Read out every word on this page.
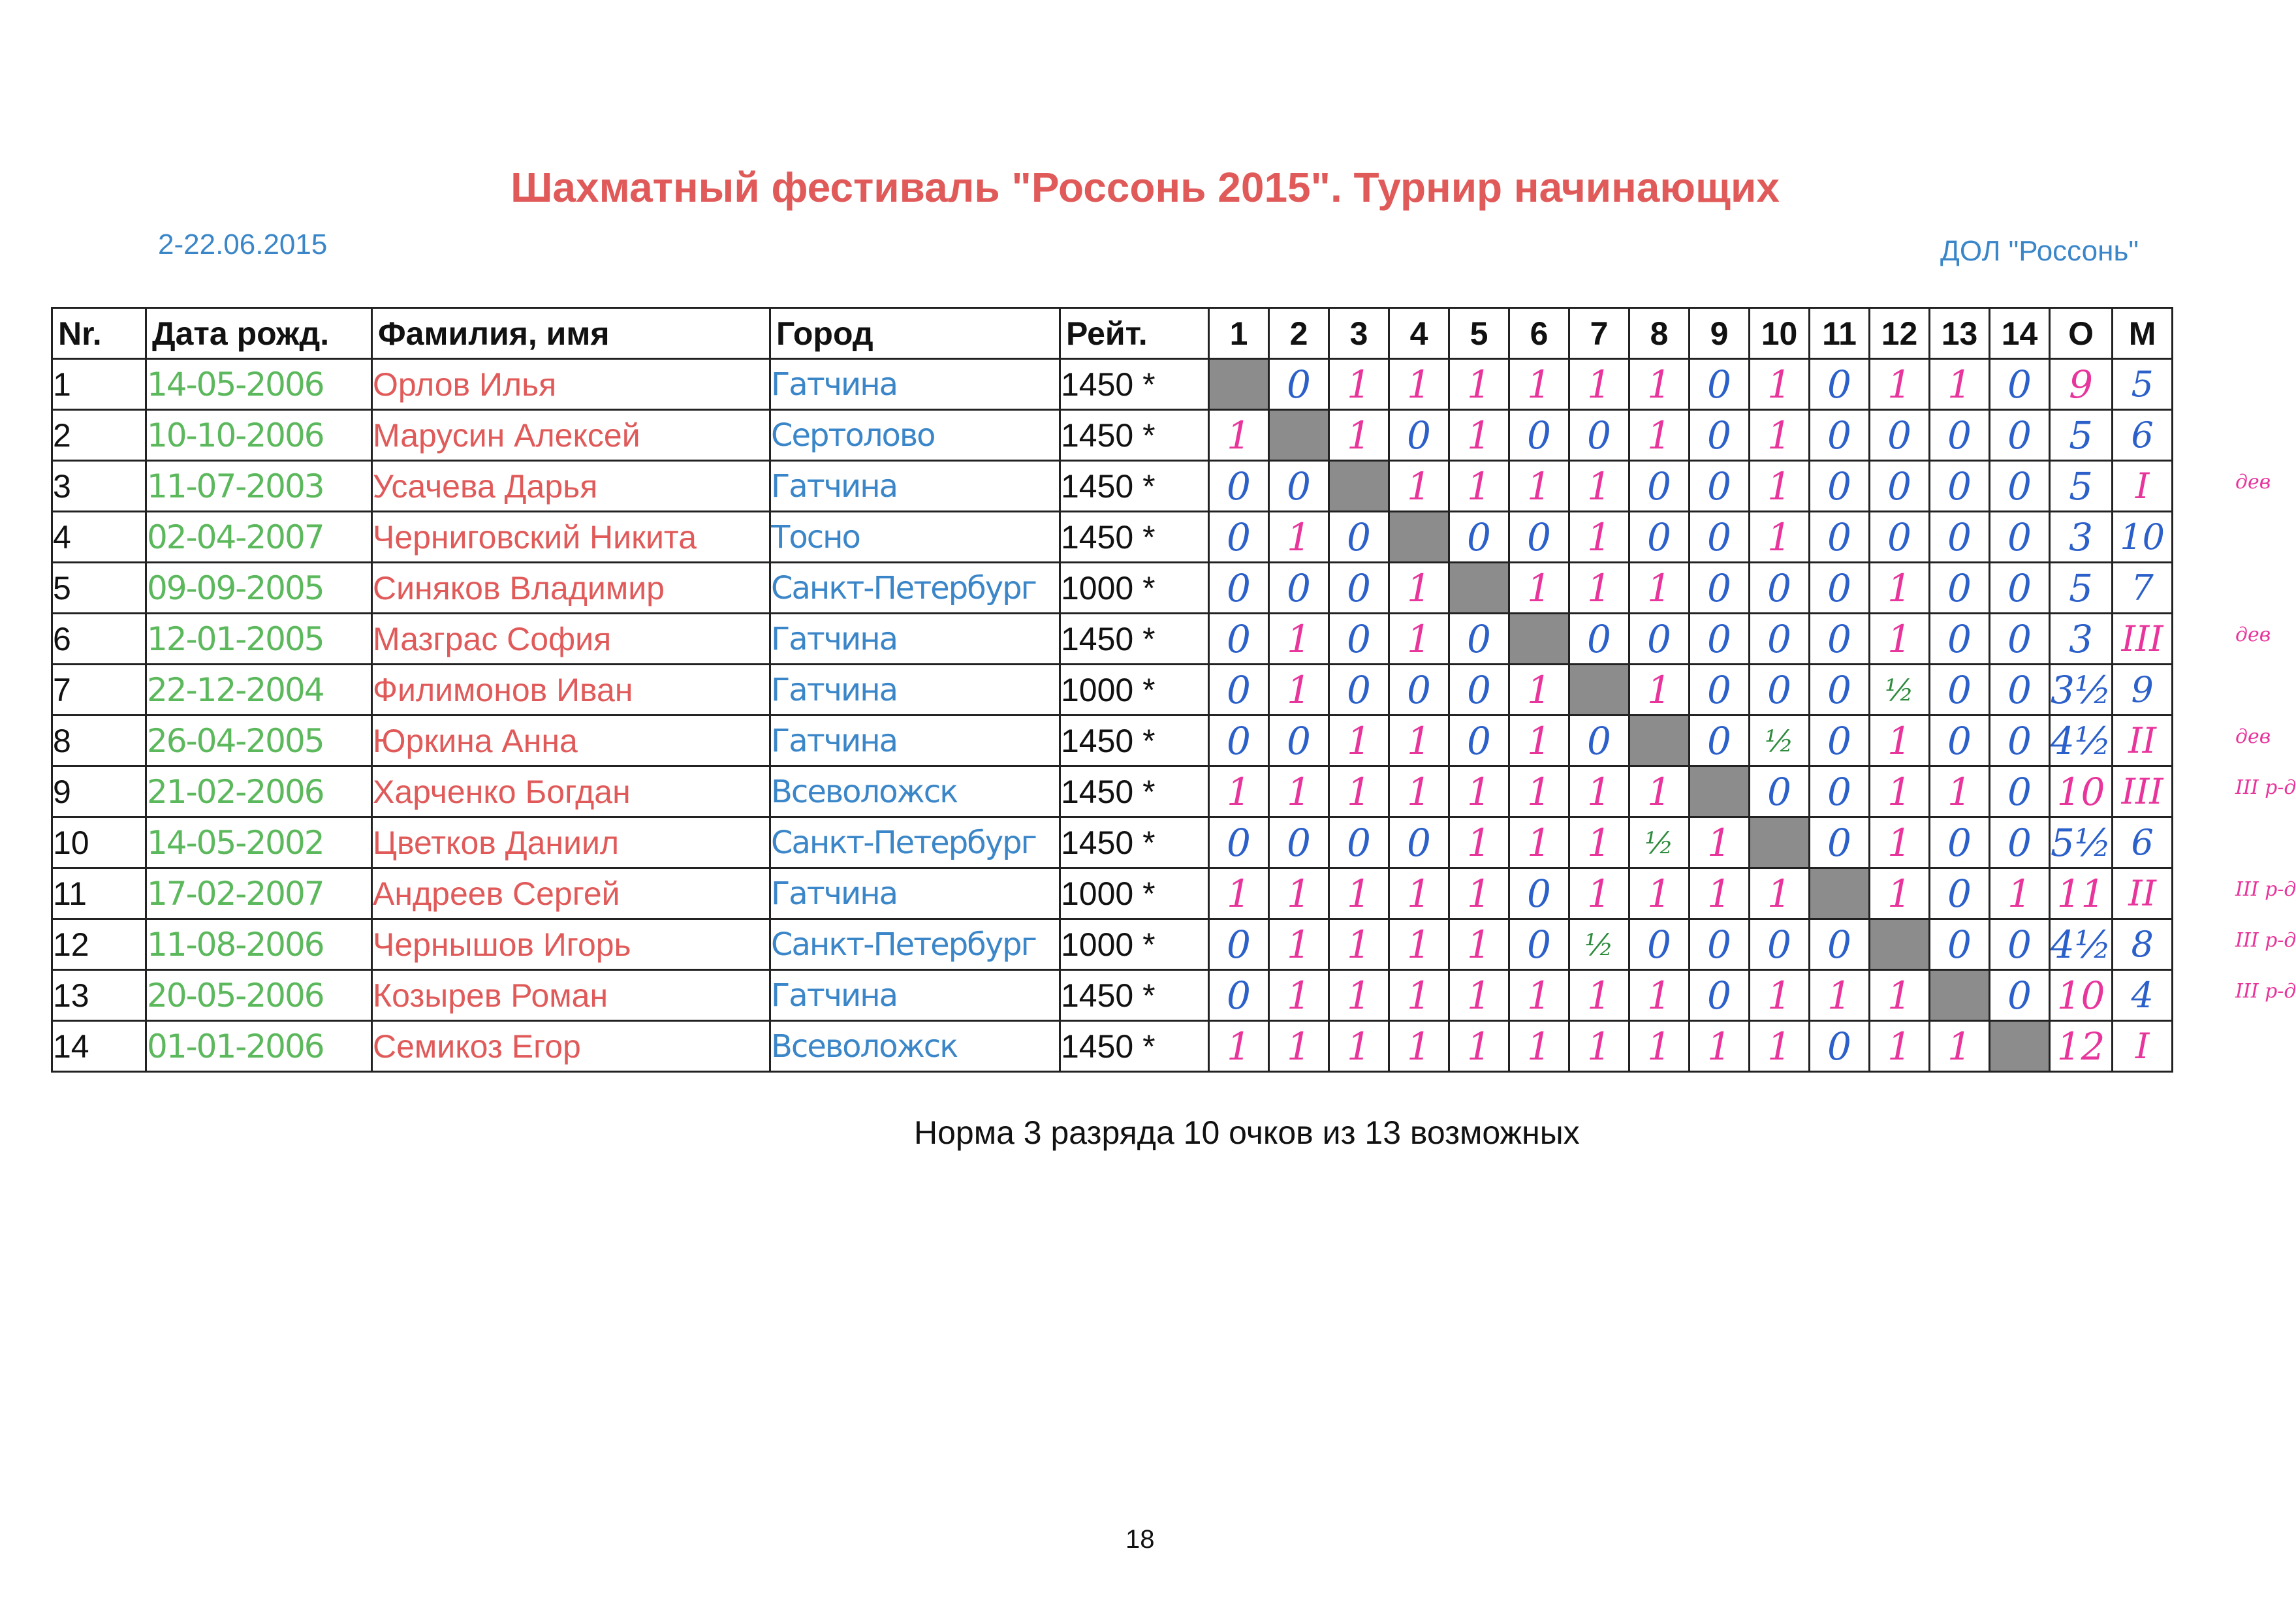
Шахматный фестиваль "Россонь 2015". Турнир начинающих
2-22.06.2015	ДОЛ "Россонь"
Nr.	Дата рожд.	Фамилия, имя	Город	Рейт.	1	2	3	4	5	6	7	8	9	10	11	12	13	14	О	М
1	14-05-2006	Орлов Илья	Гатчина	1450 *		0	1	1	1	1	1	1	0	1	0	1	1	0	9	5
2	10-10-2006	Марусин Алексей	Сертолово	1450 *	1		1	0	1	0	0	1	0	1	0	0	0	0	5	6
3	11-07-2003	Усачева Дарья	Гатчина	1450 *	0	0		1	1	1	1	0	0	1	0	0	0	0	5	I
4	02-04-2007	Черниговский Никита	Тосно	1450 *	0	1	0		0	0	1	0	0	1	0	0	0	0	3	10
5	09-09-2005	Синяков Владимир	Санкт-Петербург	1000 *	0	0	0	1		1	1	1	0	0	0	1	0	0	5	7
6	12-01-2005	Мазграс София	Гатчина	1450 *	0	1	0	1	0		0	0	0	0	0	1	0	0	3	III
7	22-12-2004	Филимонов Иван	Гатчина	1000 *	0	1	0	0	0	1		1	0	0	0	½	0	0	3½	9
8	26-04-2005	Юркина Анна	Гатчина	1450 *	0	0	1	1	0	1	0		0	½	0	1	0	0	4½	II
9	21-02-2006	Харченко Богдан	Всеволожск	1450 *	1	1	1	1	1	1	1	1		0	0	1	1	0	10	III
10	14-05-2002	Цветков Даниил	Санкт-Петербург	1450 *	0	0	0	0	1	1	1	½	1		0	1	0	0	5½	6
11	17-02-2007	Андреев Сергей	Гатчина	1000 *	1	1	1	1	1	0	1	1	1	1		1	0	1	11	II
12	11-08-2006	Чернышов Игорь	Санкт-Петербург	1000 *	0	1	1	1	1	0	½	0	0	0	0		0	0	4½	8
13	20-05-2006	Козырев Роман	Гатчина	1450 *	0	1	1	1	1	1	1	1	0	1	1	1		0	10	4
14	01-01-2006	Семикоз Егор	Всеволожск	1450 *	1	1	1	1	1	1	1	1	1	1	0	1	1		12	I
дев
дев
дев
III р-д
III р-д
III р-д
III р-д
Норма 3 разряда 10 очков из 13 возможных
18
